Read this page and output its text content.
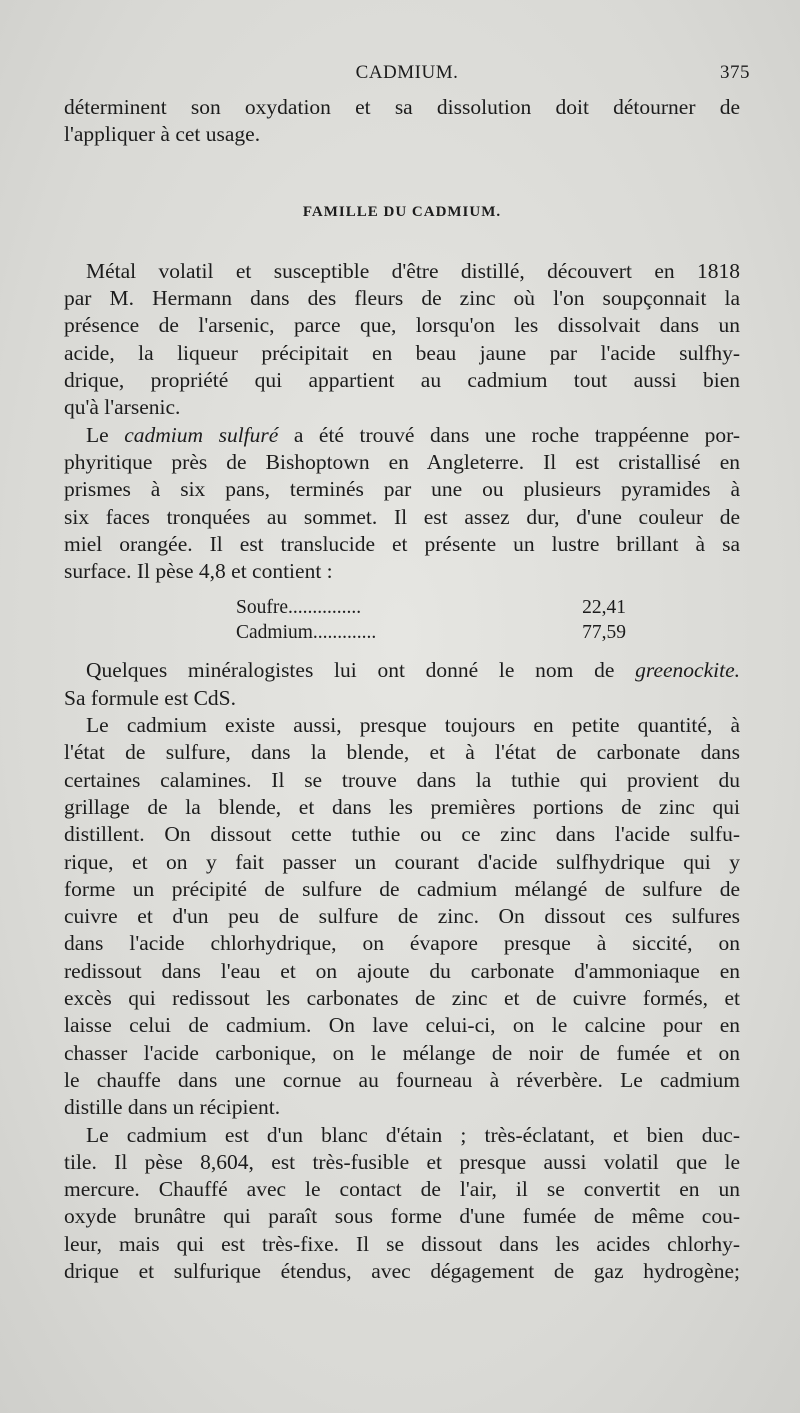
CADMIUM.	375

déterminent son oxydation et sa dissolution doit détourner de
l'appliquer à cet usage.

FAMILLE DU CADMIUM.

Métal volatil et susceptible d'être distillé, découvert en 1818
par M. Hermann dans des fleurs de zinc où l'on soupçonnait la
présence de l'arsenic, parce que, lorsqu'on les dissolvait dans un
acide, la liqueur précipitait en beau jaune par l'acide sulfhy-
drique, propriété qui appartient au cadmium tout aussi bien
qu'à l'arsenic.

Le cadmium sulfuré a été trouvé dans une roche trappéenne por-
phyritique près de Bishoptown en Angleterre. Il est cristallisé en
prismes à six pans, terminés par une ou plusieurs pyramides à
six faces tronquées au sommet. Il est assez dur, d'une couleur de
miel orangée. Il est translucide et présente un lustre brillant à sa
surface. Il pèse 4,8 et contient :

Soufre...............	22,41
Cadmium.............	77,59

Quelques minéralogistes lui ont donné le nom de greenockite.
Sa formule est CdS.

Le cadmium existe aussi, presque toujours en petite quantité, à
l'état de sulfure, dans la blende, et à l'état de carbonate dans
certaines calamines. Il se trouve dans la tuthie qui provient du
grillage de la blende, et dans les premières portions de zinc qui
distillent. On dissout cette tuthie ou ce zinc dans l'acide sulfu-
rique, et on y fait passer un courant d'acide sulfhydrique qui y
forme un précipité de sulfure de cadmium mélangé de sulfure de
cuivre et d'un peu de sulfure de zinc. On dissout ces sulfures
dans l'acide chlorhydrique, on évapore presque à siccité, on
redissout dans l'eau et on ajoute du carbonate d'ammoniaque en
excès qui redissout les carbonates de zinc et de cuivre formés, et
laisse celui de cadmium. On lave celui-ci, on le calcine pour en
chasser l'acide carbonique, on le mélange de noir de fumée et on
le chauffe dans une cornue au fourneau à réverbère. Le cadmium
distille dans un récipient.

Le cadmium est d'un blanc d'étain ; très-éclatant, et bien duc-
tile. Il pèse 8,604, est très-fusible et presque aussi volatil que le
mercure. Chauffé avec le contact de l'air, il se convertit en un
oxyde brunâtre qui paraît sous forme d'une fumée de même cou-
leur, mais qui est très-fixe. Il se dissout dans les acides chlorhy-
drique et sulfurique étendus, avec dégagement de gaz hydrogène;
